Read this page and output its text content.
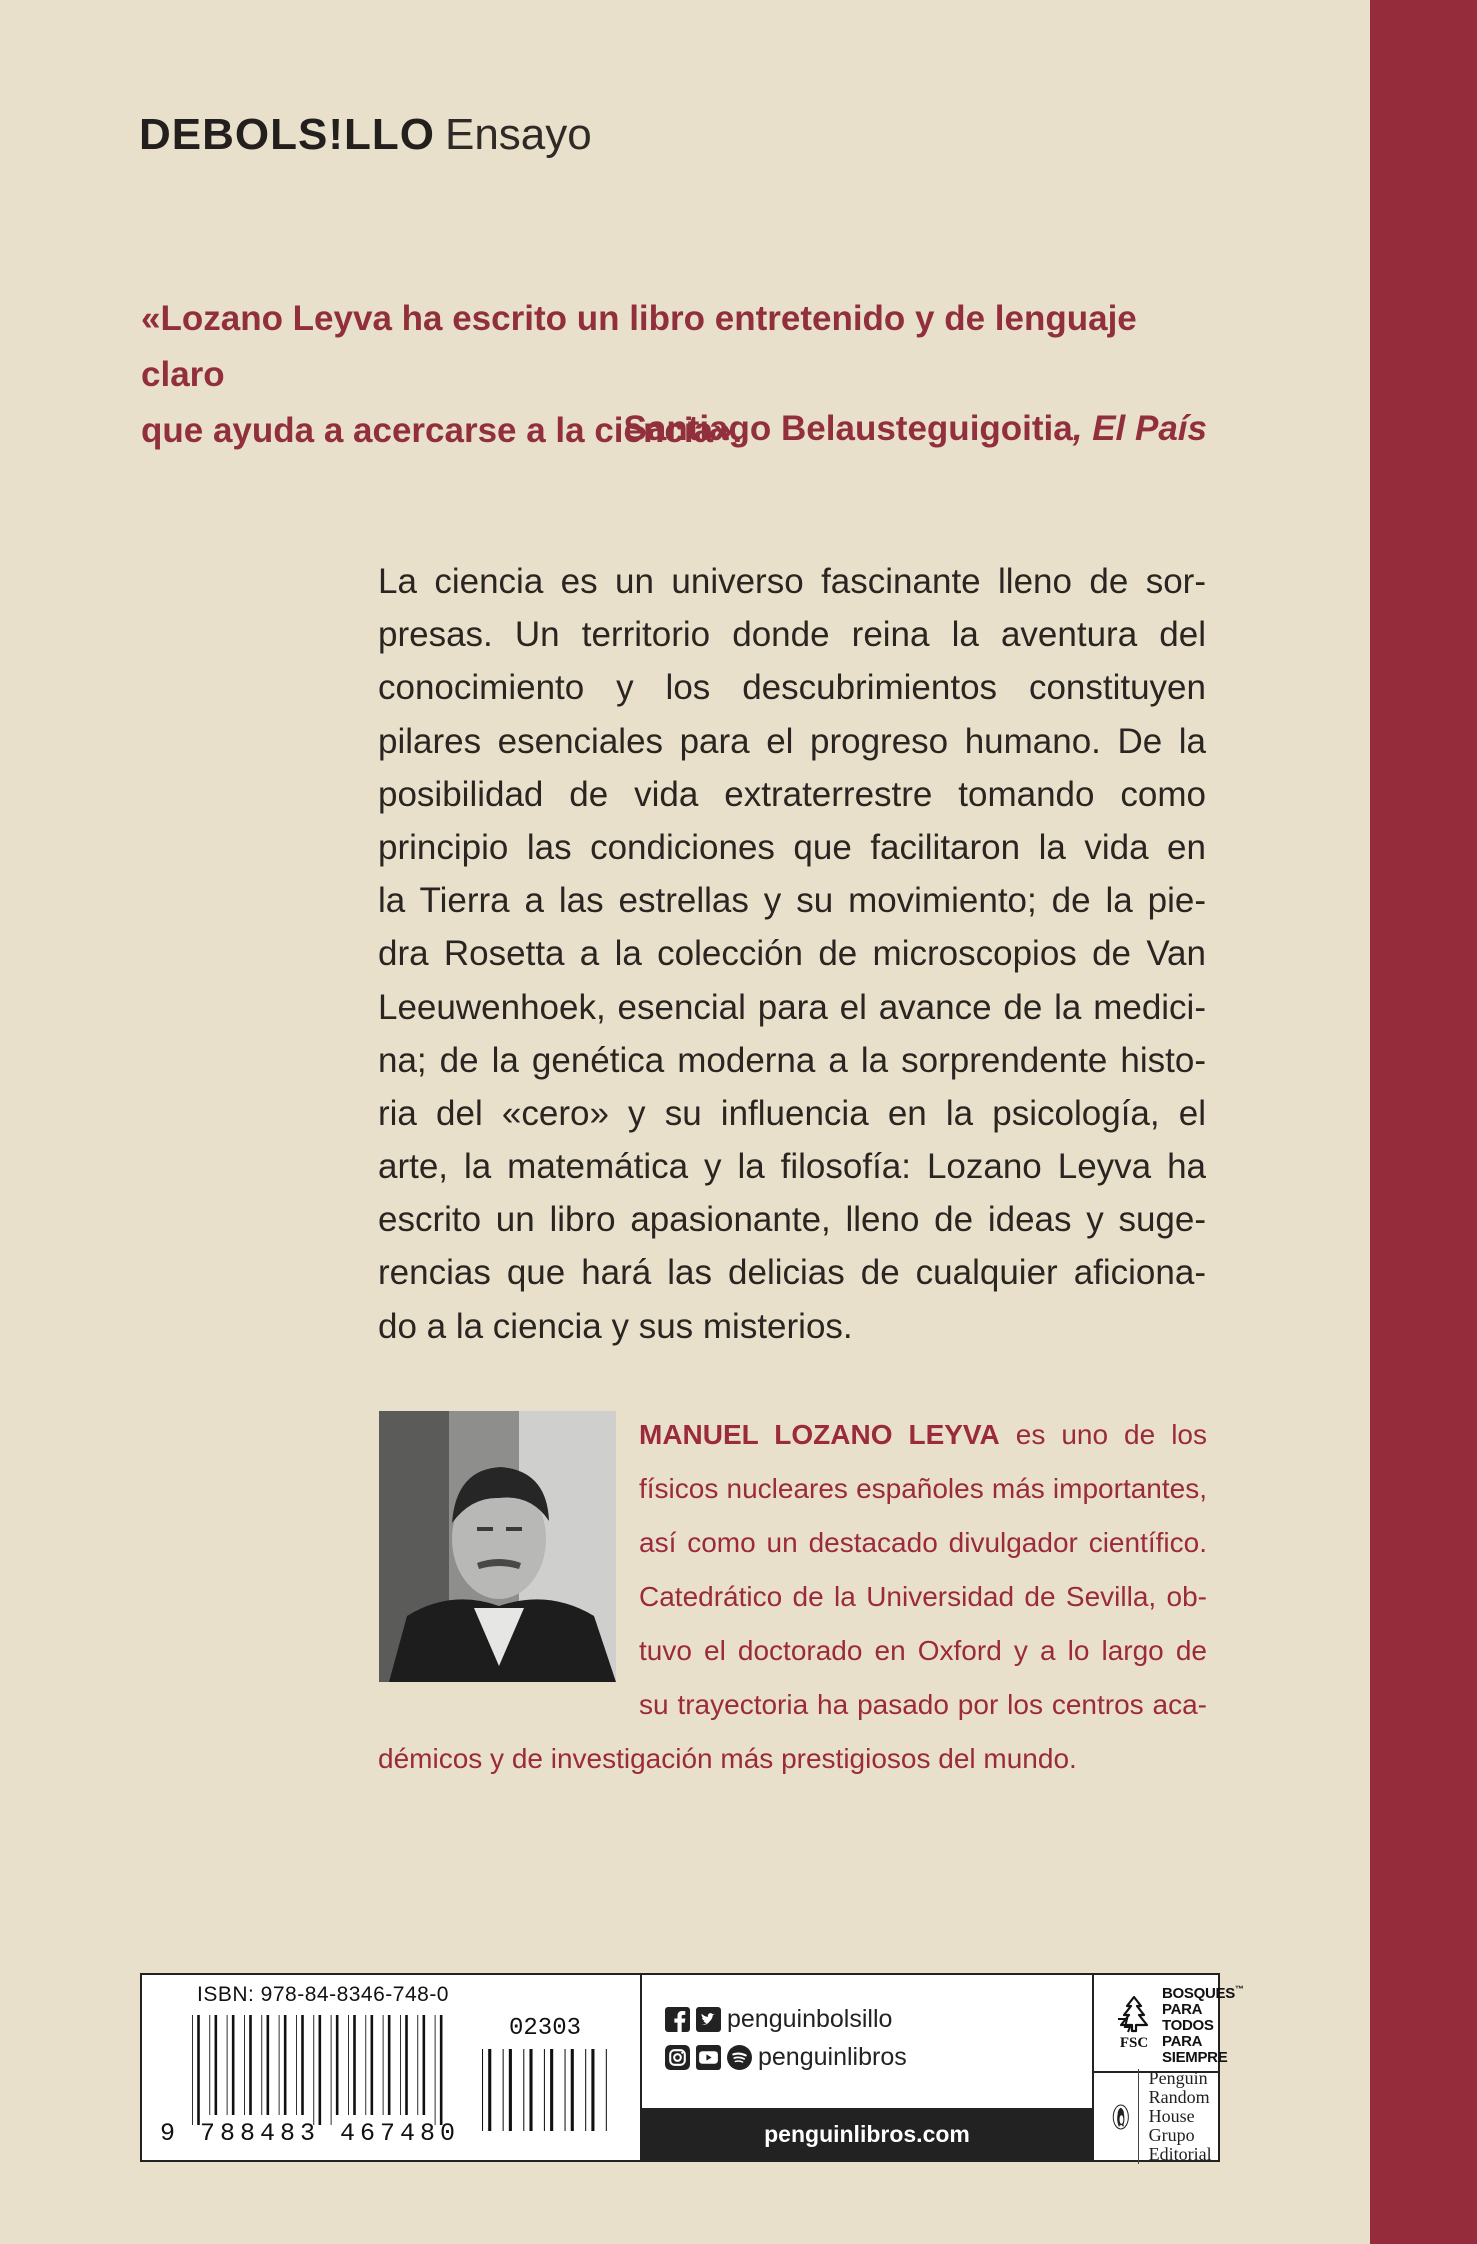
DEBOLS!LLO Ensayo

«Lozano Leyva ha escrito un libro entretenido y de lenguaje claro

que ayuda a acercarse a la ciencia».

Santiago Belausteguigoitia, El País
La ciencia es un universo fascinante lleno de sor-
presas. Un territorio donde reina la aventura del
conocimiento y los descubrimientos constituyen
pilares esenciales para el progreso humano. De la
posibilidad de vida extraterrestre tomando como
principio las condiciones que facilitaron la vida en
la Tierra a las estrellas y su movimiento; de la pie-
dra Rosetta a la colección de microscopios de Van
Leeuwenhoek, esencial para el avance de la medici-
na; de la genética moderna a la sorprendente histo-
ria del «cero» y su influencia en la psicología, el
arte, la matemática y la filosofía: Lozano Leyva ha
escrito un libro apasionante, lleno de ideas y suge-
rencias que hará las delicias de cualquier aficiona-
do a la ciencia y sus misterios.
MANUEL LOZANO LEYVA es uno de los
físicos nucleares españoles más importantes,
así como un destacado divulgador científico.
Catedrático de la Universidad de Sevilla, ob-
tuvo el doctorado en Oxford y a lo largo de
su trayectoria ha pasado por los centros aca-
démicos y de investigación más prestigiosos del mundo.
ISBN: 978-84-8346-748-0
9 788483 467480
02303	penguinbolsillo
penguinlibros
penguinlibros.com
FSC
BOSQUES™
PARA TODOS
PARA SIEMPRE
Penguin
Random House
Grupo Editorial
